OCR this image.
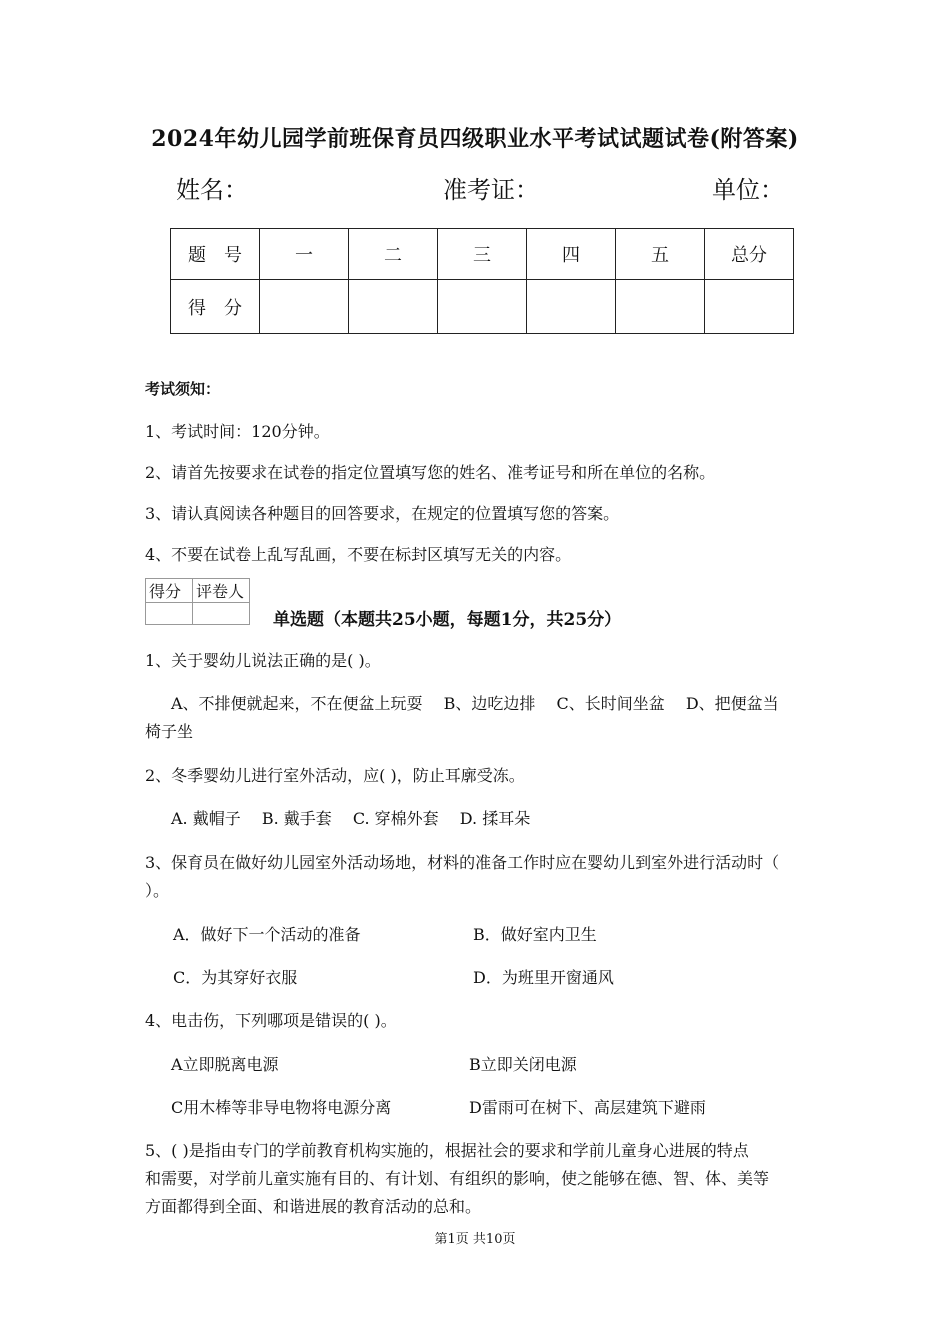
2024年幼儿园学前班保育员四级职业水平考试试题试卷(附答案)
姓名：	准考证：	单位：
题　号	一	二	三	四	五	总分
得　分						
考试须知：
1、考试时间：120分钟。
2、请首先按要求在试卷的指定位置填写您的姓名、准考证号和所在单位的名称。
3、请认真阅读各种题目的回答要求，在规定的位置填写您的答案。
4、不要在试卷上乱写乱画，不要在标封区填写无关的内容。
得分	评卷人

单选题（本题共25小题，每题1分，共25分）
1、关于婴幼儿说法正确的是( )。
A、不排便就起来，不在便盆上玩耍　 B、边吃边排　 C、长时间坐盆　 D、把便盆当
椅子坐
2、冬季婴幼儿进行室外活动，应( )，防止耳廓受冻。
A. 戴帽子　 B. 戴手套　 C. 穿棉外套　 D. 揉耳朵
3、保育员在做好幼儿园室外活动场地，材料的准备工作时应在婴幼儿到室外进行活动时（
）。
A．做好下一个活动的准备	B．做好室内卫生
C．为其穿好衣服	D．为班里开窗通风
4、电击伤，下列哪项是错误的( )。
A立即脱离电源	B立即关闭电源
C用木棒等非导电物将电源分离	D雷雨可在树下、高层建筑下避雨
5、( )是指由专门的学前教育机构实施的，根据社会的要求和学前儿童身心进展的特点
和需要，对学前儿童实施有目的、有计划、有组织的影响，使之能够在德、智、体、美等
方面都得到全面、和谐进展的教育活动的总和。
第1页 共10页
